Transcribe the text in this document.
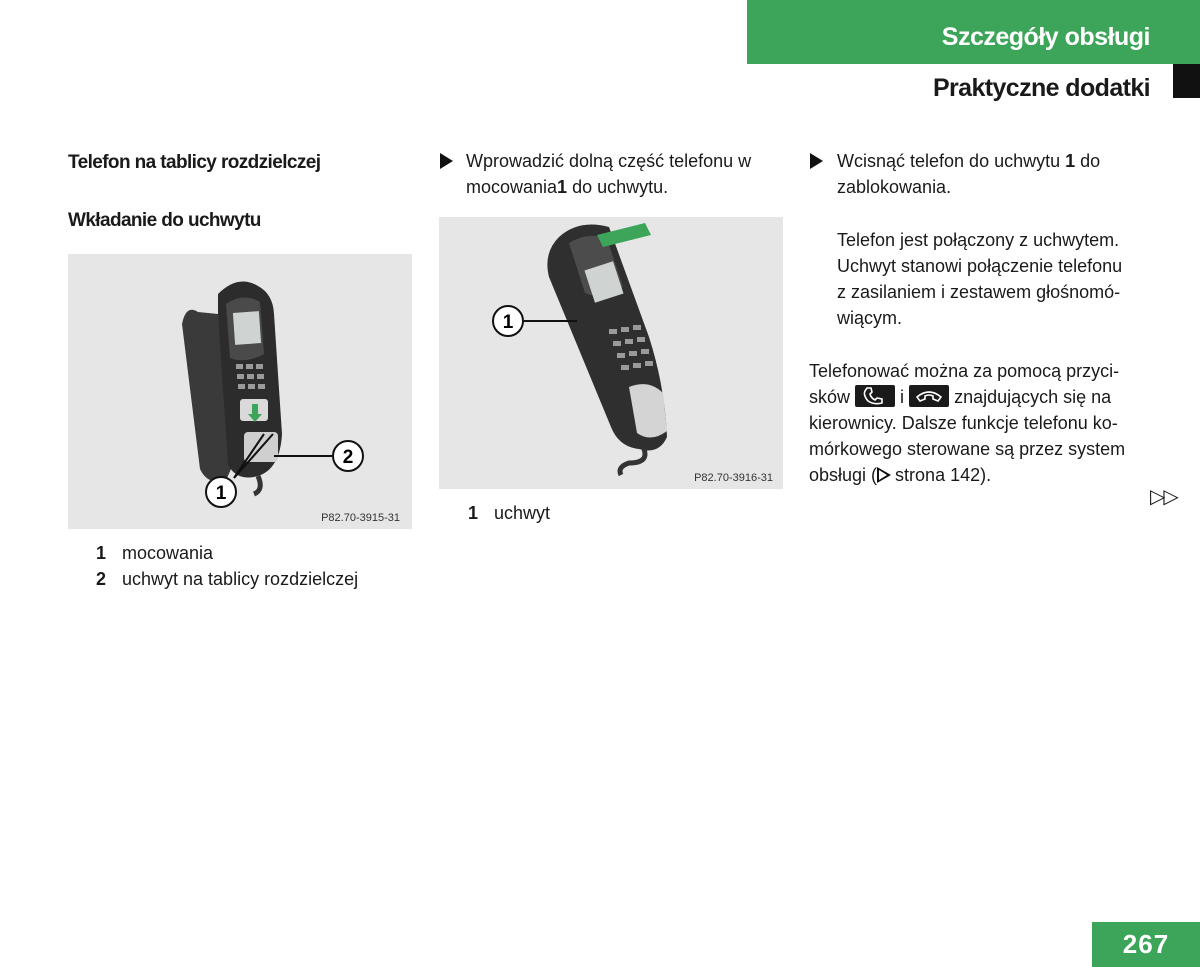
Szczegóły obsługi
Praktyczne dodatki
Telefon na tablicy rozdzielczej
Wkładanie do uchwytu
1
2
P82.70-3915-31
1 mocowania
2 uchwyt na tablicy rozdzielczej
Wprowadzić dolną część telefonu w
mocowania1 do uchwytu.
1
P82.70-3916-31
1 uchwyt
Wcisnąć telefon do uchwytu 1 do
zablokowania.
Telefon jest połączony z uchwytem.
Uchwyt stanowi połączenie telefonu
z zasilaniem i zestawem głośnomó-
wiącym.
Telefonować można za pomocą przyci-
sków	i	znajdujących się na
kierownicy. Dalsze funkcje telefonu ko-
mórkowego sterowane są przez system
obsługi ( strona 142).
▷▷
267
